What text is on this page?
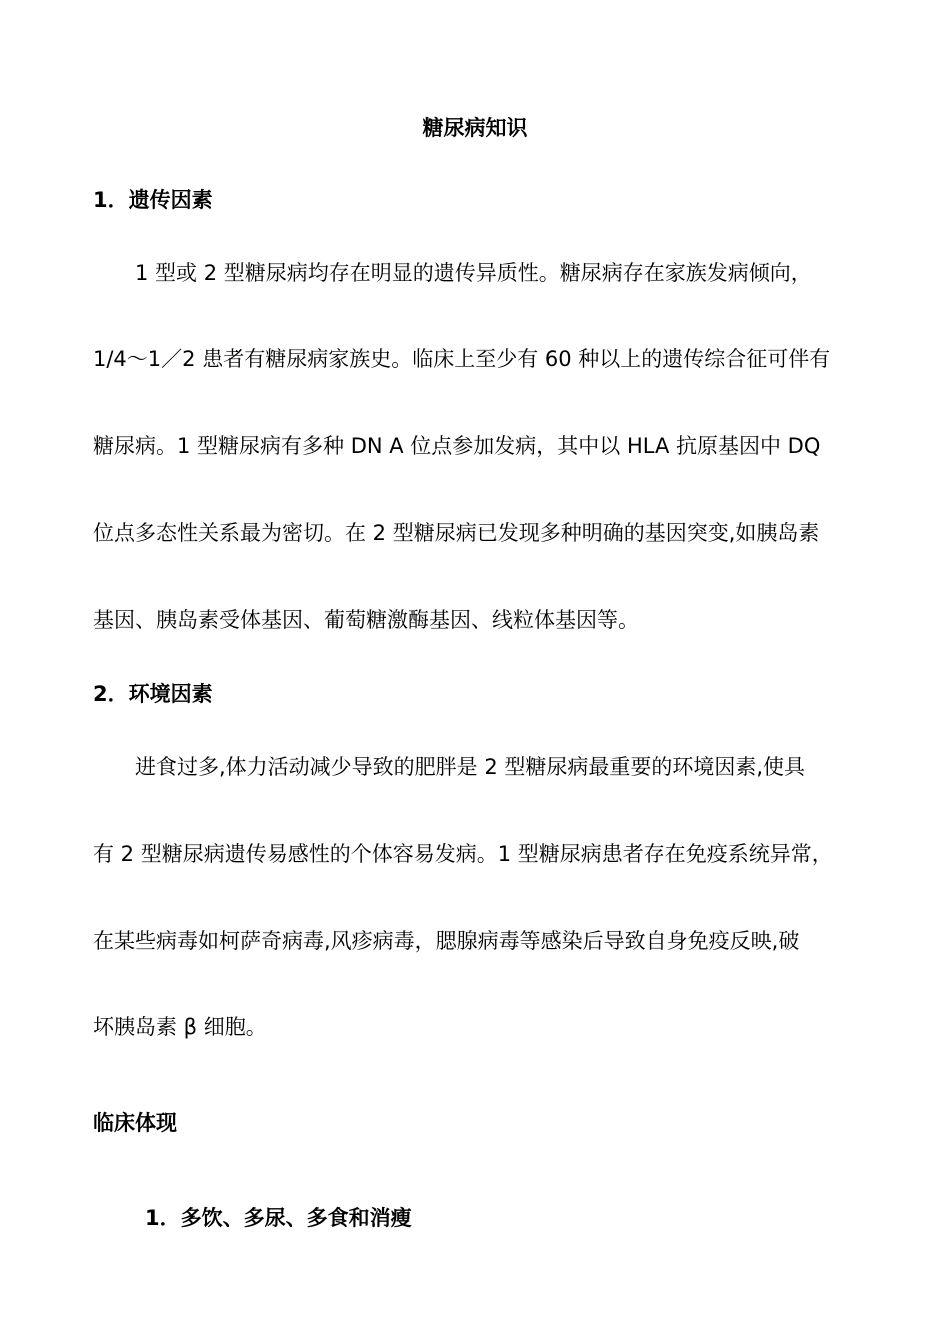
糖尿病知识
1．遗传因素
1 型或 2 型糖尿病均存在明显的遗传异质性。糖尿病存在家族发病倾向，
1/4～1／2 患者有糖尿病家族史。临床上至少有 60 种以上的遗传综合征可伴有
糖尿病。1 型糖尿病有多种 DN A 位点参加发病，其中以 HLA 抗原基因中 DQ
位点多态性关系最为密切。在 2 型糖尿病已发现多种明确的基因突变,如胰岛素
基因、胰岛素受体基因、葡萄糖激酶基因、线粒体基因等。
2．环境因素
进食过多,体力活动减少导致的肥胖是 2 型糖尿病最重要的环境因素,使具
有 2 型糖尿病遗传易感性的个体容易发病。1 型糖尿病患者存在免疫系统异常，
在某些病毒如柯萨奇病毒,风疹病毒，腮腺病毒等感染后导致自身免疫反映,破
坏胰岛素 β 细胞。
临床体现
1．多饮、多尿、多食和消瘦
